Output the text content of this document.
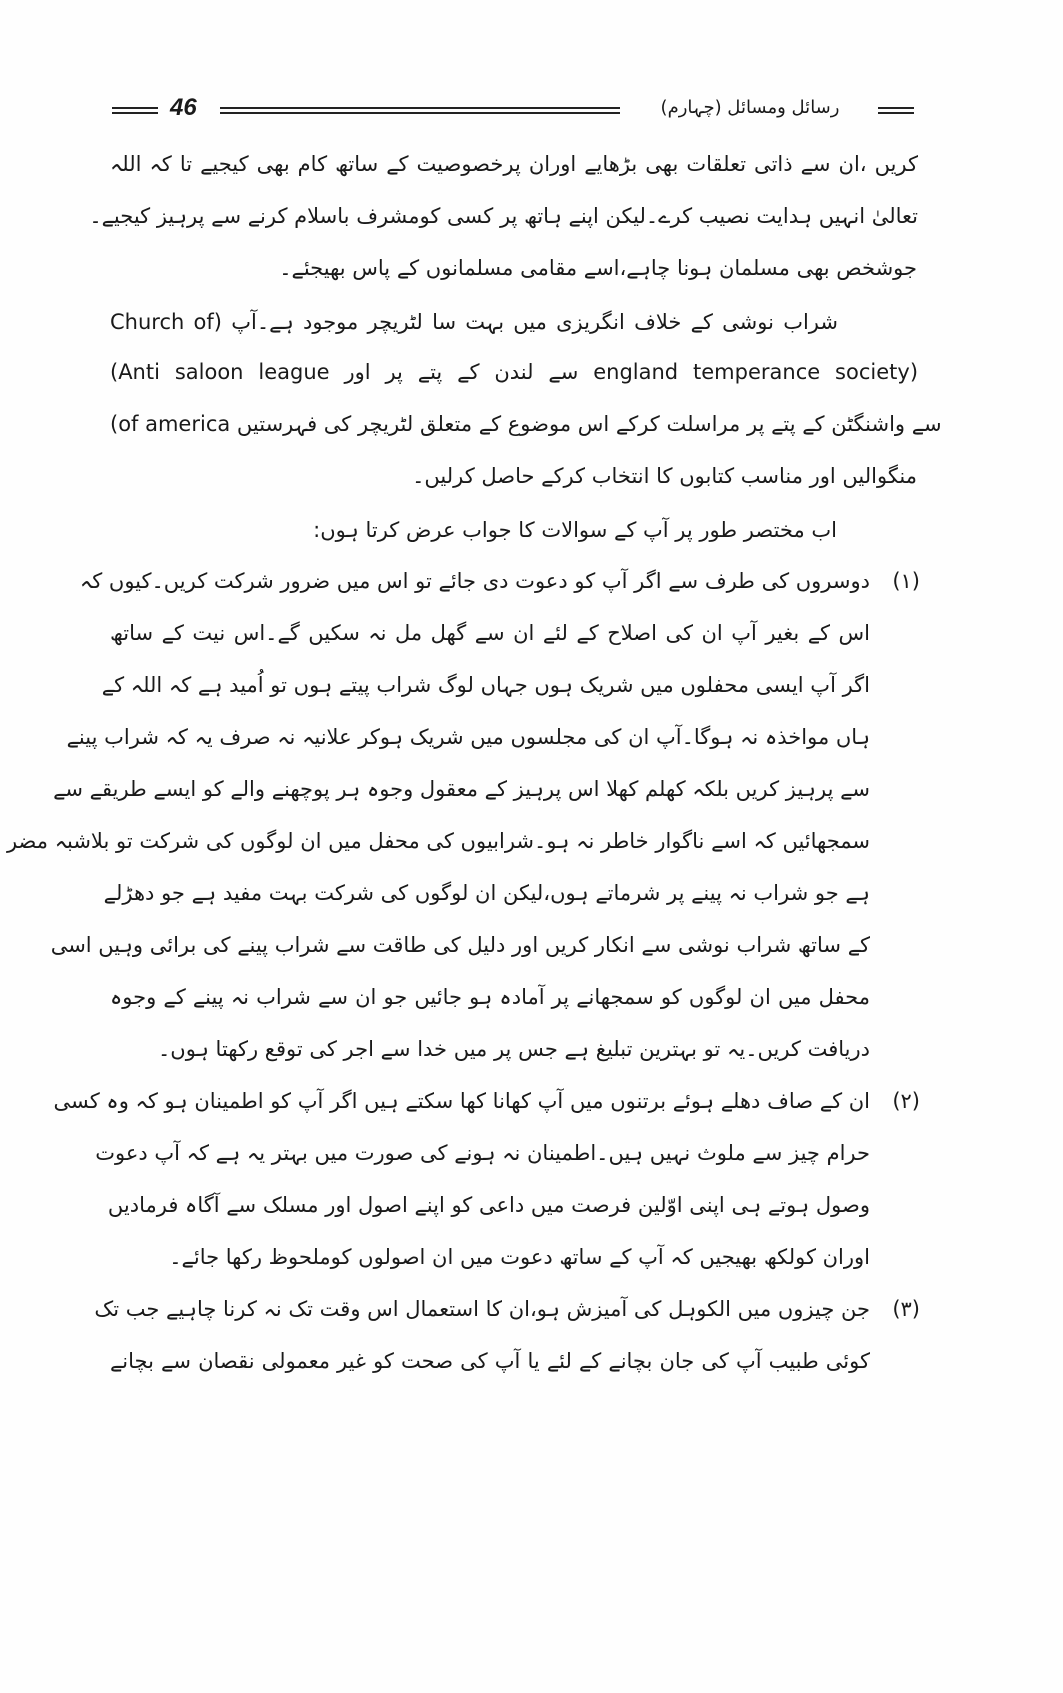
46	رسائل ومسائل (چہارم)
کریں ،ان سے ذاتی تعلقات بھی بڑھایے اوران پرخصوصیت کے ساتھ کام بھی کیجیے تا کہ اللہ
تعالیٰ انہیں ہدایت نصیب کرے۔لیکن اپنے ہاتھ پر کسی کومشرف باسلام کرنے سے پرہیز کیجیے۔
جوشخص بھی مسلمان ہونا چاہے،اسے مقامی مسلمانوں کے پاس بھیجئے۔
شراب نوشی کے خلاف انگریزی میں بہت سا لٹریچر موجود ہے۔آپ (Church of
(Anti saloon league سے لندن کے پتے پر اور england temperance society)
(of america سے واشنگٹن کے پتے پر مراسلت کرکے اس موضوع کے متعلق لٹریچر کی فہرستیں
منگوالیں اور مناسب کتابوں کا انتخاب کرکے حاصل کرلیں۔
اب مختصر طور پر آپ کے سوالات کا جواب عرض کرتا ہوں:
(۱)
دوسروں کی طرف سے اگر آپ کو دعوت دی جائے تو اس میں ضرور شرکت کریں۔کیوں کہ
اس کے بغیر آپ ان کی اصلاح کے لئے ان سے گھل مل نہ سکیں گے۔اس نیت کے ساتھ
اگر آپ ایسی محفلوں میں شریک ہوں جہاں لوگ شراب پیتے ہوں تو اُمید ہے کہ اللہ کے
ہاں مواخذہ نہ ہوگا۔آپ ان کی مجلسوں میں شریک ہوکر علانیہ نہ صرف یہ کہ شراب پینے
سے پرہیز کریں بلکہ کھلم کھلا اس پرہیز کے معقول وجوہ ہر پوچھنے والے کو ایسے طریقے سے
سمجھائیں کہ اسے ناگوار خاطر نہ ہو۔شرابیوں کی محفل میں ان لوگوں کی شرکت تو بلاشبہ مضر
ہے جو شراب نہ پینے پر شرماتے ہوں،لیکن ان لوگوں کی شرکت بہت مفید ہے جو دھڑلے
کے ساتھ شراب نوشی سے انکار کریں اور دلیل کی طاقت سے شراب پینے کی برائی وہیں اسی
محفل میں ان لوگوں کو سمجھانے پر آمادہ ہو جائیں جو ان سے شراب نہ پینے کے وجوہ
دریافت کریں۔یہ تو بہترین تبلیغ ہے جس پر میں خدا سے اجر کی توقع رکھتا ہوں۔
(۲)
ان کے صاف دھلے ہوئے برتنوں میں آپ کھانا کھا سکتے ہیں اگر آپ کو اطمینان ہو کہ وہ کسی
حرام چیز سے ملوث نہیں ہیں۔اطمینان نہ ہونے کی صورت میں بہتر یہ ہے کہ آپ دعوت
وصول ہوتے ہی اپنی اوّلین فرصت میں داعی کو اپنے اصول اور مسلک سے آگاہ فرمادیں
اوران کولکھ بھیجیں کہ آپ کے ساتھ دعوت میں ان اصولوں کوملحوظ رکھا جائے۔
(۳)
جن چیزوں میں الکوہل کی آمیزش ہو،ان کا استعمال اس وقت تک نہ کرنا چاہیے جب تک
کوئی طبیب آپ کی جان بچانے کے لئے یا آپ کی صحت کو غیر معمولی نقصان سے بچانے
